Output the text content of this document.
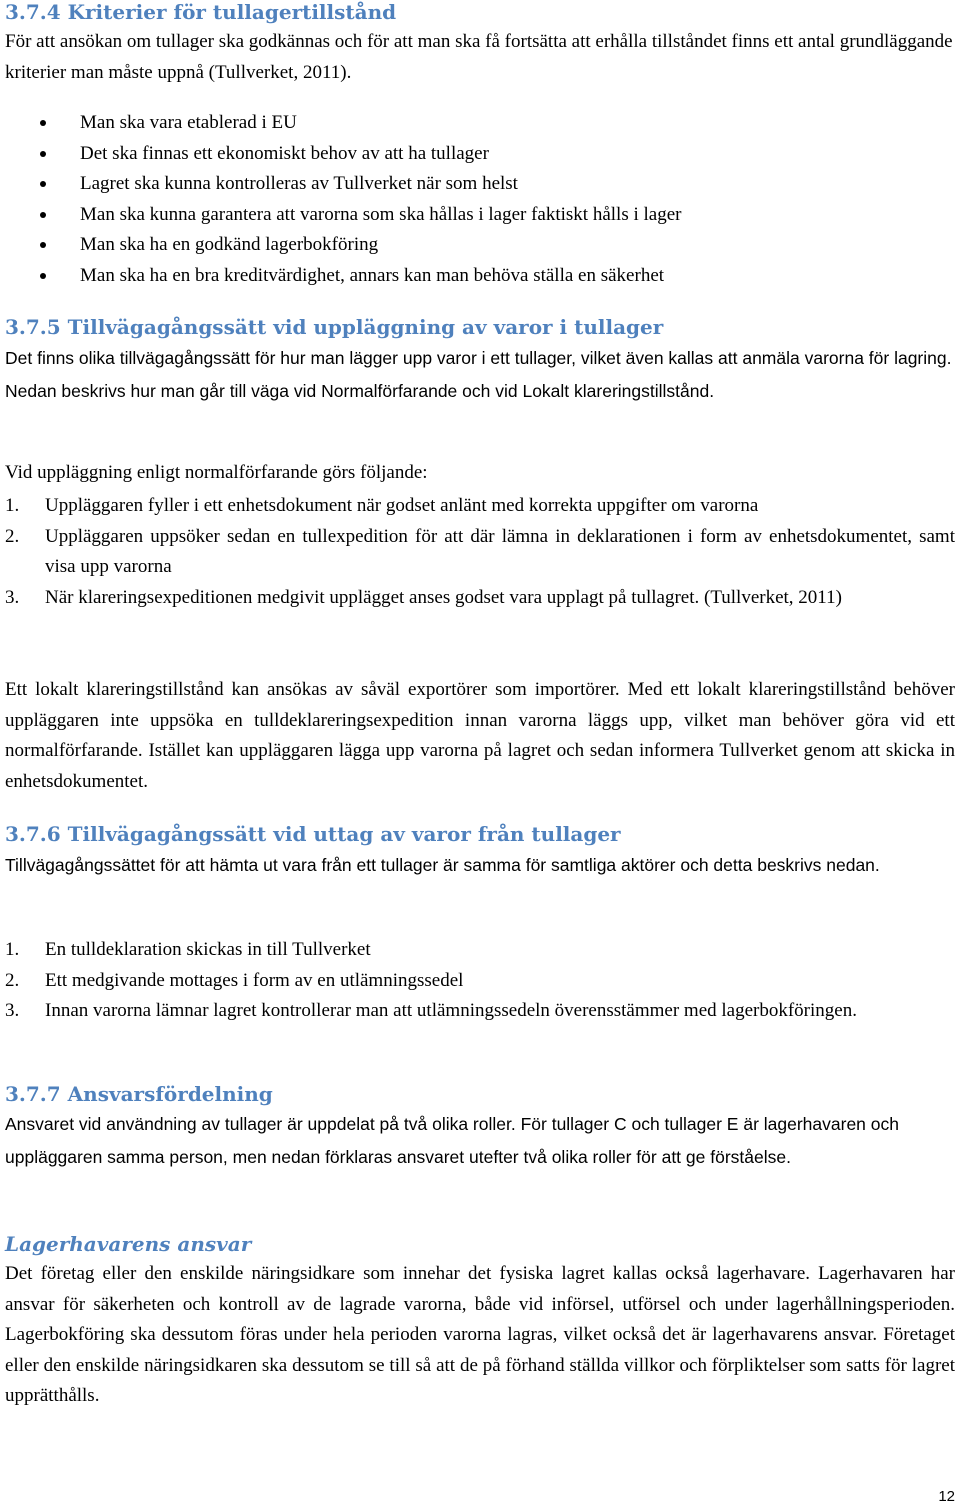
3.7.4 Kriterier för tullagertillstånd

För att ansökan om tullager ska godkännas och för att man ska få fortsätta att erhålla tillståndet finns ett antal grundläggande kriterier man måste uppnå (Tullverket, 2011).

Man ska vara etablerad i EU
Det ska finnas ett ekonomiskt behov av att ha tullager
Lagret ska kunna kontrolleras av Tullverket när som helst
Man ska kunna garantera att varorna som ska hållas i lager faktiskt hålls i lager
Man ska ha en godkänd lagerbokföring
Man ska ha en bra kreditvärdighet, annars kan man behöva ställa en säkerhet
3.7.5 Tillvägagångssätt vid uppläggning av varor i tullager

Det finns olika tillvägagångssätt för hur man lägger upp varor i ett tullager, vilket även kallas att anmäla varorna för lagring. Nedan beskrivs hur man går till väga vid Normalförfarande och vid Lokalt klareringstillstånd.

Vid uppläggning enligt normalförfarande görs följande:

1. Uppläggaren fyller i ett enhetsdokument när godset anlänt med korrekta uppgifter om varorna
2. Uppläggaren uppsöker sedan en tullexpedition för att där lämna in deklarationen i form av enhetsdokumentet, samt visa upp varorna
3. När klareringsexpeditionen medgivit upplägget anses godset vara upplagt på tullagret. (Tullverket, 2011)

Ett lokalt klareringstillstånd kan ansökas av såväl exportörer som importörer. Med ett lokalt klareringstillstånd behöver uppläggaren inte uppsöka en tulldeklareringsexpedition innan varorna läggs upp, vilket man behöver göra vid ett normalförfarande. Istället kan uppläggaren lägga upp varorna på lagret och sedan informera Tullverket genom att skicka in enhetsdokumentet.

3.7.6 Tillvägagångssätt vid uttag av varor från tullager

Tillvägagångssättet för att hämta ut vara från ett tullager är samma för samtliga aktörer och detta beskrivs nedan.

1. En tulldeklaration skickas in till Tullverket
2. Ett medgivande mottages i form av en utlämningssedel
3. Innan varorna lämnar lagret kontrollerar man att utlämningssedeln överensstämmer med lagerbokföringen.
3.7.7 Ansvarsfördelning

Ansvaret vid användning av tullager är uppdelat på två olika roller. För tullager C och tullager E är lagerhavaren och uppläggaren samma person, men nedan förklaras ansvaret utefter två olika roller för att ge förståelse.

Lagerhavarens ansvar

Det företag eller den enskilde näringsidkare som innehar det fysiska lagret kallas också lagerhavare. Lagerhavaren har ansvar för säkerheten och kontroll av de lagrade varorna, både vid införsel, utförsel och under lagerhållningsperioden. Lagerbokföring ska dessutom föras under hela perioden varorna lagras, vilket också det är lagerhavarens ansvar. Företaget eller den enskilde näringsidkaren ska dessutom se till så att de på förhand ställda villkor och förpliktelser som satts för lagret upprätthålls.

12
